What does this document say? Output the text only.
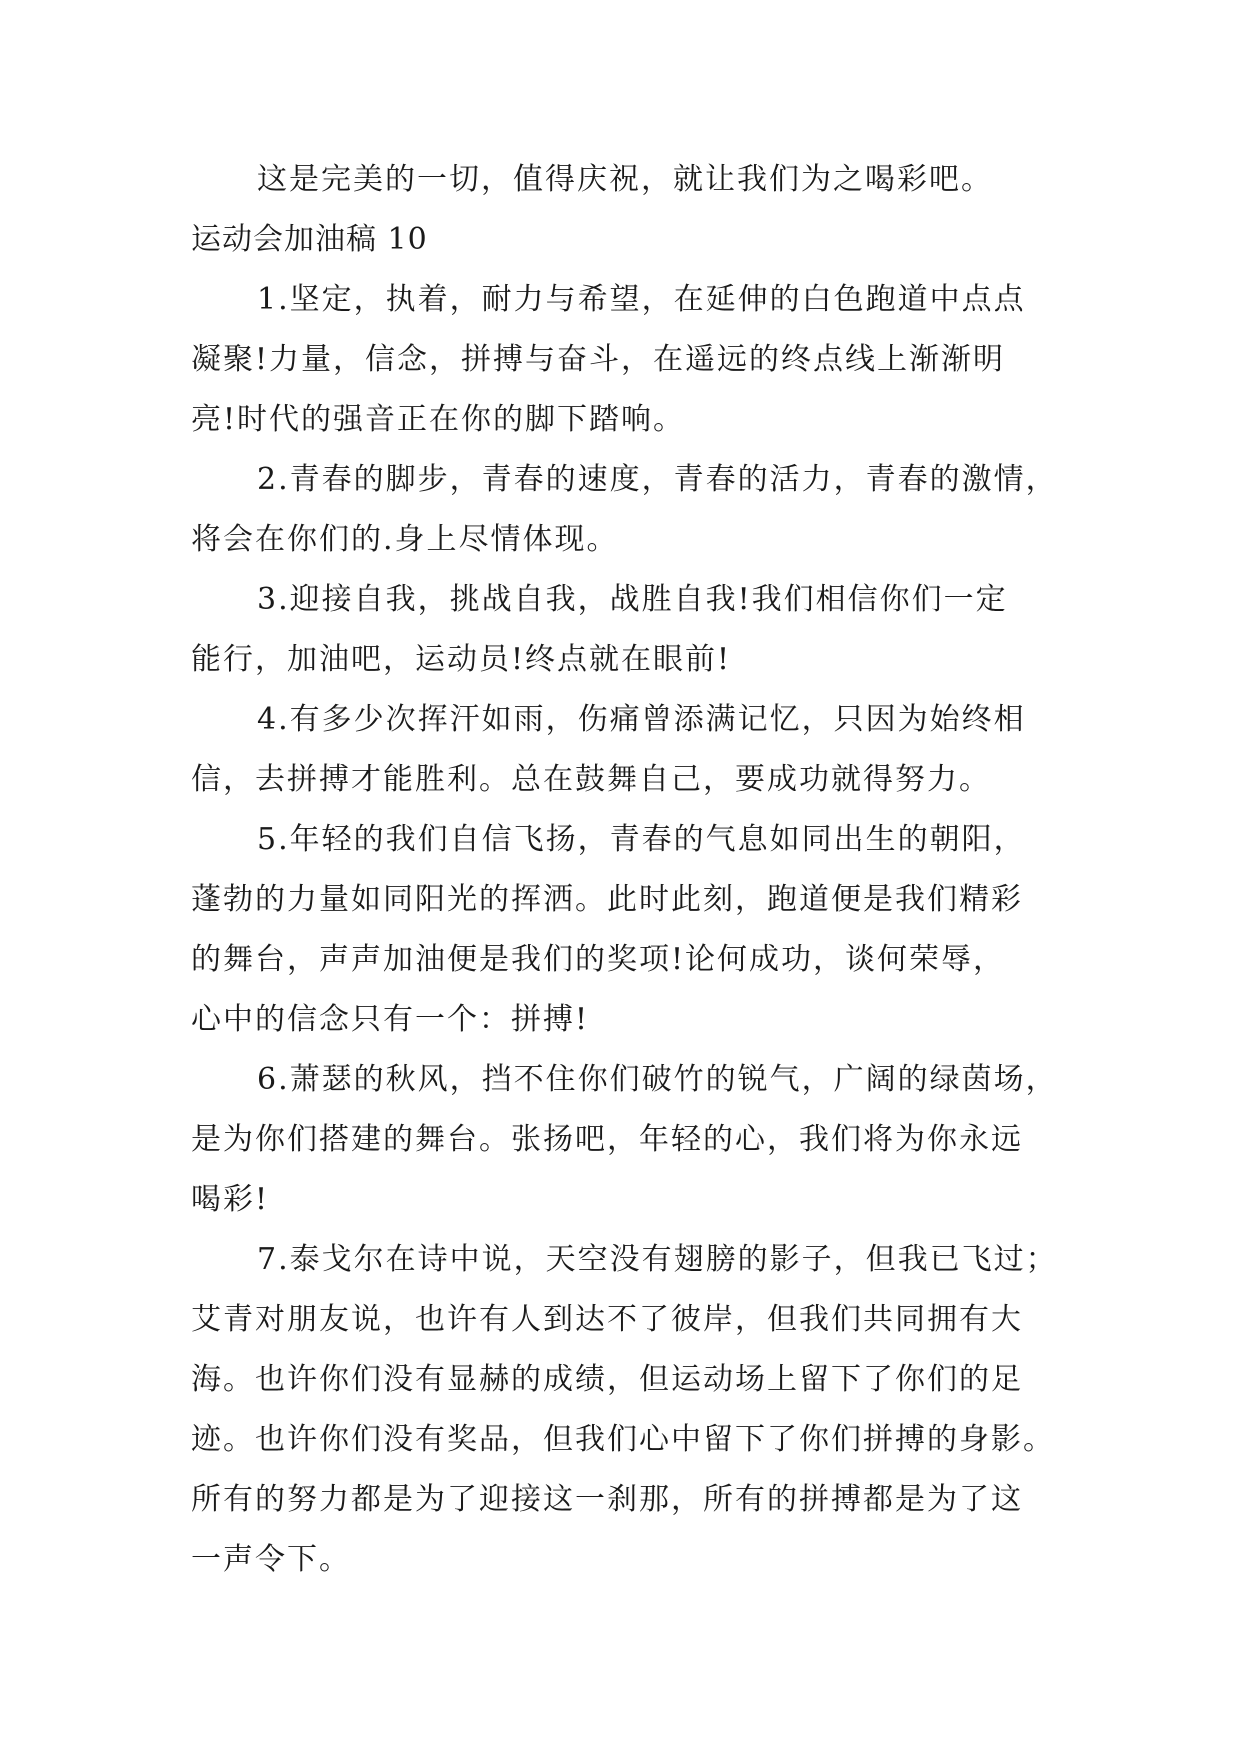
这是完美的一切，值得庆祝，就让我们为之喝彩吧。
运动会加油稿 10
1.坚定，执着，耐力与希望，在延伸的白色跑道中点点
凝聚!力量，信念，拼搏与奋斗，在遥远的终点线上渐渐明
亮!时代的强音正在你的脚下踏响。
2.青春的脚步，青春的速度，青春的活力，青春的激情，
将会在你们的.身上尽情体现。
3.迎接自我，挑战自我，战胜自我!我们相信你们一定
能行，加油吧，运动员!终点就在眼前!
4.有多少次挥汗如雨，伤痛曾添满记忆，只因为始终相
信，去拼搏才能胜利。总在鼓舞自己，要成功就得努力。
5.年轻的我们自信飞扬，青春的气息如同出生的朝阳，
蓬勃的力量如同阳光的挥洒。此时此刻，跑道便是我们精彩
的舞台，声声加油便是我们的奖项!论何成功，谈何荣辱，
心中的信念只有一个：拼搏!
6.萧瑟的秋风，挡不住你们破竹的锐气，广阔的绿茵场，
是为你们搭建的舞台。张扬吧，年轻的心，我们将为你永远
喝彩!
7.泰戈尔在诗中说，天空没有翅膀的影子，但我已飞过；
艾青对朋友说，也许有人到达不了彼岸，但我们共同拥有大
海。也许你们没有显赫的成绩，但运动场上留下了你们的足
迹。也许你们没有奖品，但我们心中留下了你们拼搏的身影。
所有的努力都是为了迎接这一刹那，所有的拼搏都是为了这
一声令下。
